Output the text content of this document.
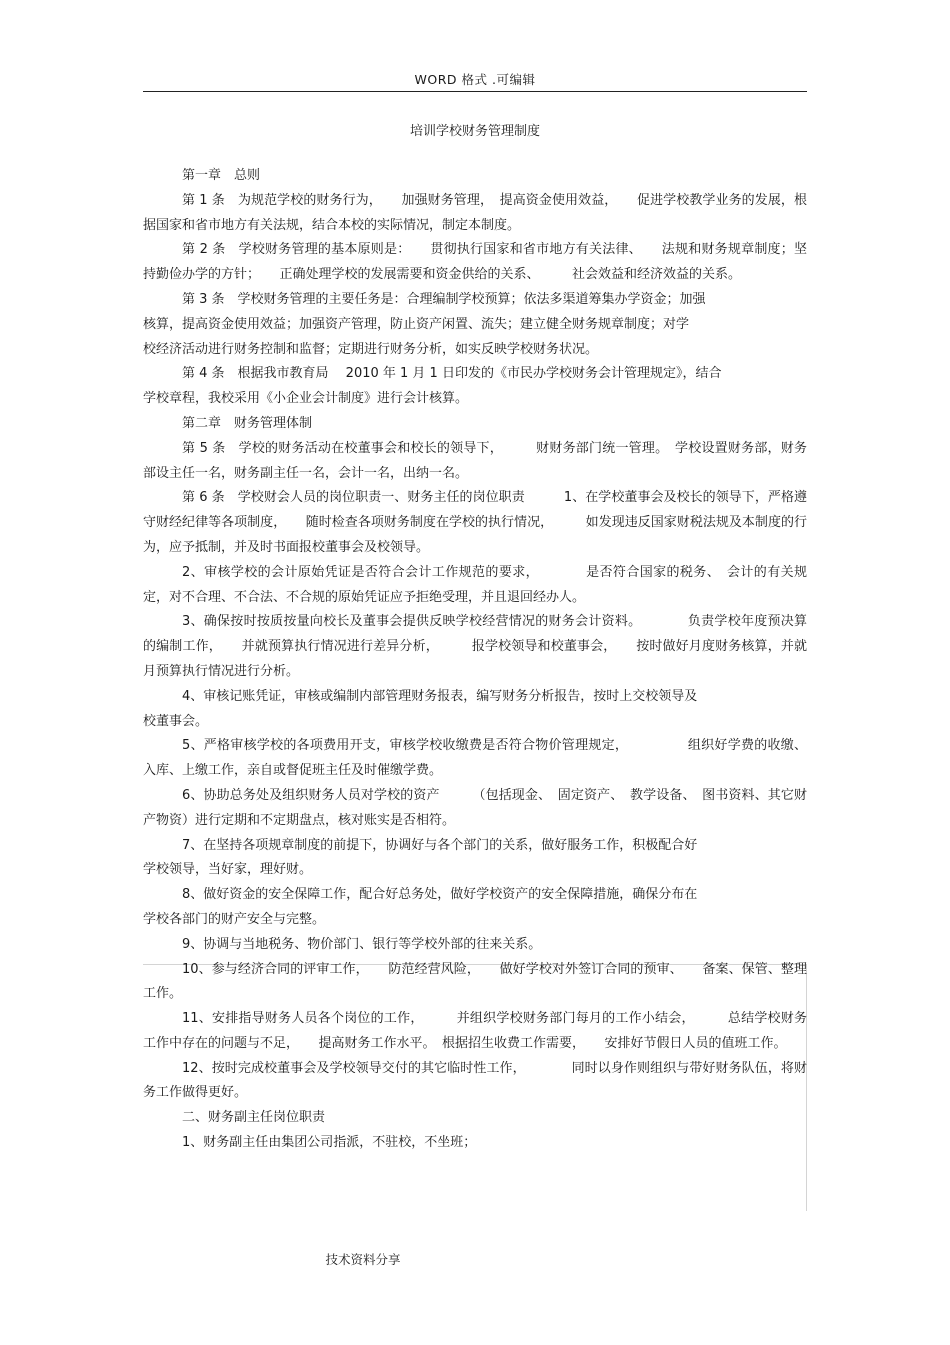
WORD 格式 .可编辑
培训学校财务管理制度

第一章　总则

第 1 条　为规范学校的财务行为，　　加强财务管理，　提高资金使用效益，　　促进学校教学业务的发展，根据国家和省市地方有关法规，结合本校的实际情况，制定本制度。

第 2 条　学校财务管理的基本原则是：　　贯彻执行国家和省市地方有关法律、　　法规和财务规章制度；坚持勤俭办学的方针；　　正确处理学校的发展需要和资金供给的关系、　　　社会效益和经济效益的关系。

第 3 条　学校财务管理的主要任务是：合理编制学校预算；依法多渠道筹集办学资金；加强

核算，提高资金使用效益；加强资产管理，防止资产闲置、流失；建立健全财务规章制度；对学

校经济活动进行财务控制和监督；定期进行财务分析，如实反映学校财务状况。

第 4 条　根据我市教育局　 2010 年 1 月 1 日印发的《市民办学校财务会计管理规定》，结合

学校章程，我校采用《小企业会计制度》进行会计核算。

第二章　财务管理体制

第 5 条　学校的财务活动在校董事会和校长的领导下，　　　财财务部门统一管理。　学校设置财务部，财务部设主任一名，财务副主任一名，会计一名，出纳一名。

第 6 条　学校财会人员的岗位职责一、财务主任的岗位职责　　　1、在学校董事会及校长的领导下，严格遵守财经纪律等各项制度，　　随时检查各项财务制度在学校的执行情况，　　　如发现违反国家财税法规及本制度的行为，应予抵制，并及时书面报校董事会及校领导。

2、审核学校的会计原始凭证是否符合会计工作规范的要求，　　　　是否符合国家的税务、　会计的有关规定，对不合理、不合法、不合规的原始凭证应予拒绝受理，并且退回经办人。

3、确保按时按质按量向校长及董事会提供反映学校经营情况的财务会计资料。　　　　负责学校年度预决算的编制工作，　　并就预算执行情况进行差异分析，　　　报学校领导和校董事会，　　按时做好月度财务核算，并就月预算执行情况进行分析。

4、审核记账凭证，审核或编制内部管理财务报表，编写财务分析报告，按时上交校领导及

校董事会。

5、严格审核学校的各项费用开支，审核学校收缴费是否符合物价管理规定，　　　　　组织好学费的收缴、入库、上缴工作，亲自或督促班主任及时催缴学费。

6、协助总务处及组织财务人员对学校的资产　　　（包括现金、　固定资产、　教学设备、　图书资料、其它财产物资）进行定期和不定期盘点，核对账实是否相符。

7、在坚持各项规章制度的前提下，协调好与各个部门的关系，做好服务工作，积极配合好

学校领导，当好家，理好财。

8、做好资金的安全保障工作，配合好总务处，做好学校资产的安全保障措施，确保分布在

学校各部门的财产安全与完整。

9、协调与当地税务、物价部门、银行等学校外部的往来关系。

10、参与经济合同的评审工作，　　防范经营风险，　　做好学校对外签订合同的预审、　　备案、保管、整理工作。

11、安排指导财务人员各个岗位的工作，　　　并组织学校财务部门每月的工作小结会，　　　总结学校财务工作中存在的问题与不足，　　提高财务工作水平。　根据招生收费工作需要，　　安排好节假日人员的值班工作。

12、按时完成校董事会及学校领导交付的其它临时性工作，　　　　同时以身作则组织与带好财务队伍，将财务工作做得更好。

二、财务副主任岗位职责

1、财务副主任由集团公司指派，不驻校，不坐班；

技术资料分享
